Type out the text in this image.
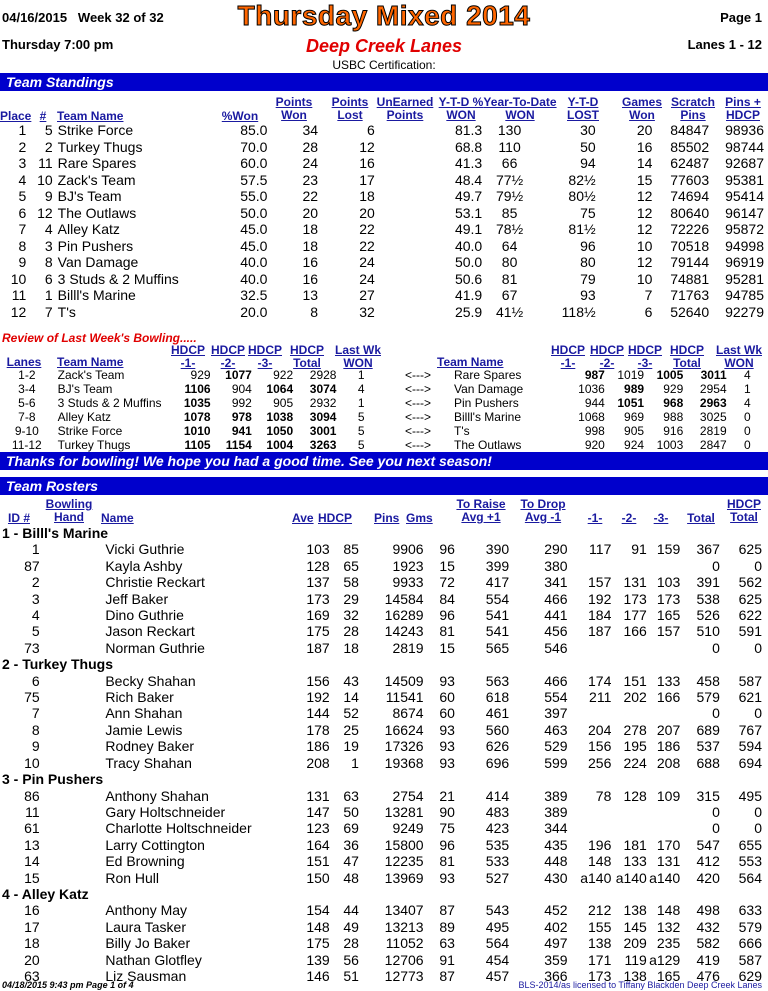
04/16/2015 Week 32 of 32	Thursday Mixed 2014	Page 1
Thursday 7:00 pm	Deep Creek Lanes	Lanes 1 - 12
USBC Certification:
Team Standings
Place # Team Name	%Won
Points Won
Points Lost
UnEarned Points
Y-T-D % WON
Year-To-Date WON
Y-T-D LOST
Games Won
Scratch Pins
Pins + HDCP
1	5	Strike Force	85.0	34	6		81.3	130	30	20	84847	98936
2	2	Turkey Thugs	70.0	28	12		68.8	110	50	16	85502	98744
3	11	Rare Spares	60.0	24	16		41.3	66	94	14	62487	92687
4	10	Zack's Team	57.5	23	17		48.4	77½	82½	15	77603	95381
5	9	BJ's Team	55.0	22	18		49.7	79½	80½	12	74694	95414
6	12	The Outlaws	50.0	20	20		53.1	85	75	12	80640	96147
7	4	Alley Katz	45.0	18	22		49.1	78½	81½	12	72226	95872
8	3	Pin Pushers	45.0	18	22		40.0	64	96	10	70518	94998
9	8	Van Damage	40.0	16	24		50.0	80	80	12	79144	96919
10	6	3 Studs & 2 Muffins	40.0	16	24		50.6	81	79	10	74881	95281
11	1	Billl's Marine	32.5	13	27		41.9	67	93	7	71763	94785
12	7	T's	20.0	8	32		25.9	41½	118½	6	52640	92279
Review of Last Week's Bowling.....
Lanes Team Name
HDCP -1-
HDCP -2-
HDCP -3-
HDCP Total
Last Wk WON	Team Name
HDCP -1-
HDCP -2-
HDCP -3-
HDCP Total
Last Wk WON
1-2	Zack's Team	929	1077	922	2928	1	<--->	Rare Spares	987	1019	1005	3011	4
3-4	BJ's Team	1106	904	1064	3074	4	<--->	Van Damage	1036	989	929	2954	1
5-6	3 Studs & 2 Muffins	1035	992	905	2932	1	<--->	Pin Pushers	944	1051	968	2963	4
7-8	Alley Katz	1078	978	1038	3094	5	<--->	Billl's Marine	1068	969	988	3025	0
9-10	Strike Force	1010	941	1050	3001	5	<--->	T's	998	905	916	2819	0
11-12	Turkey Thugs	1105	1154	1004	3263	5	<--->	The Outlaws	920	924	1003	2847	0
Thanks for bowling! We hope you had a good time. See you next season!
Team Rosters
ID #
Bowling Hand	Name	Ave HDCP Pins Gms
To Raise Avg +1
To Drop Avg -1	-1-	-2-	-3-	Total
HDCP Total
1 - Billl's Marine													
1		Vicki Guthrie	103	85	9906	96	390	290	117	91	159	367	625
87		Kayla Ashby	128	65	1923	15	399	380				0	0
2		Christie Reckart	137	58	9933	72	417	341	157	131	103	391	562
3		Jeff Baker	173	29	14584	84	554	466	192	173	173	538	625
4		Dino Guthrie	169	32	16289	96	541	441	184	177	165	526	622
5		Jason Reckart	175	28	14243	81	541	456	187	166	157	510	591
73		Norman Guthrie	187	18	2819	15	565	546				0	0
2 - Turkey Thugs													
6		Becky Shahan	156	43	14509	93	563	466	174	151	133	458	587
75		Rich Baker	192	14	11541	60	618	554	211	202	166	579	621
7		Ann Shahan	144	52	8674	60	461	397				0	0
8		Jamie Lewis	178	25	16624	93	560	463	204	278	207	689	767
9		Rodney Baker	186	19	17326	93	626	529	156	195	186	537	594
10		Tracy Shahan	208	1	19368	93	696	599	256	224	208	688	694
3 - Pin Pushers													
86		Anthony Shahan	131	63	2754	21	414	389	78	128	109	315	495
11		Gary Holtschneider	147	50	13281	90	483	389				0	0
61		Charlotte Holtschneider	123	69	9249	75	423	344				0	0
13		Larry Cottington	164	36	15800	96	535	435	196	181	170	547	655
14		Ed Browning	151	47	12235	81	533	448	148	133	131	412	553
15		Ron Hull	150	48	13969	93	527	430	a140	a140	a140	420	564
4 - Alley Katz													
16		Anthony May	154	44	13407	87	543	452	212	138	148	498	633
17		Laura Tasker	148	49	13213	89	495	402	155	145	132	432	579
18		Billy Jo Baker	175	28	11052	63	564	497	138	209	235	582	666
20		Nathan Glotfley	139	56	12706	91	454	359	171	119	a129	419	587
63		Liz Sausman	146	51	12773	87	457	366	173	138	165	476	629
04/18/2015 9:43 pm Page 1 of 4	BLS-2014/as licensed to Tiffany Blackden Deep Creek Lanes
